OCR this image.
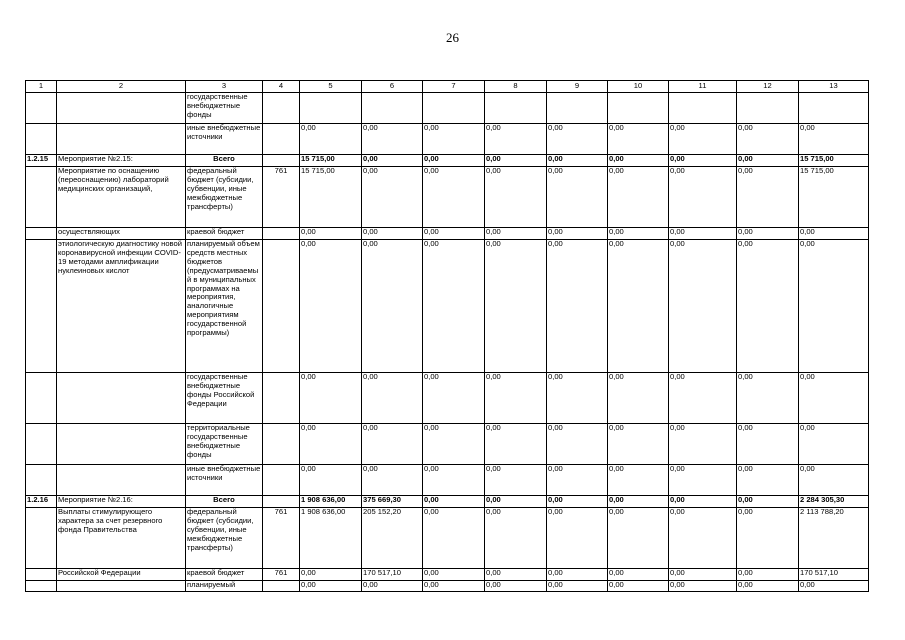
26
1	2	3	4	5	6	7	8	9	10	11	12	13
		государственные внебюджетные фонды										
		иные внебюджетные источники		0,00	0,00	0,00	0,00	0,00	0,00	0,00	0,00	0,00
1.2.15	Мероприятие №2.15:	Всего		15 715,00	0,00	0,00	0,00	0,00	0,00	0,00	0,00	15 715,00
	Мероприятие по оснащению (переоснащению) лабораторий медицинских организаций,	федеральный бюджет (субсидии, субвенции, иные межбюджетные трансферты)	761	15 715,00	0,00	0,00	0,00	0,00	0,00	0,00	0,00	15 715,00
	осуществляющих	краевой бюджет		0,00	0,00	0,00	0,00	0,00	0,00	0,00	0,00	0,00
	этиологическую диагностику новой коронавирусной инфекции COVID-19 методами амплификации нуклеиновых кислот	планируемый объем средств местных бюджетов (предусматриваемый в муниципальных программах на мероприятия, аналогичные мероприятиям государственной программы)		0,00	0,00	0,00	0,00	0,00	0,00	0,00	0,00	0,00
		государственные внебюджетные фонды Российской Федерации		0,00	0,00	0,00	0,00	0,00	0,00	0,00	0,00	0,00
		территориальные государственные внебюджетные фонды		0,00	0,00	0,00	0,00	0,00	0,00	0,00	0,00	0,00
		иные внебюджетные источники		0,00	0,00	0,00	0,00	0,00	0,00	0,00	0,00	0,00
1.2.16	Мероприятие №2.16:	Всего		1 908 636,00	375 669,30	0,00	0,00	0,00	0,00	0,00	0,00	2 284 305,30
	Выплаты стимулирующего характера за счет резервного фонда Правительства	федеральный бюджет (субсидии, субвенции, иные межбюджетные трансферты)	761	1 908 636,00	205 152,20	0,00	0,00	0,00	0,00	0,00	0,00	2 113 788,20
	Российской Федерации	краевой бюджет	761	0,00	170 517,10	0,00	0,00	0,00	0,00	0,00	0,00	170 517,10
		планируемый		0,00	0,00	0,00	0,00	0,00	0,00	0,00	0,00	0,00
